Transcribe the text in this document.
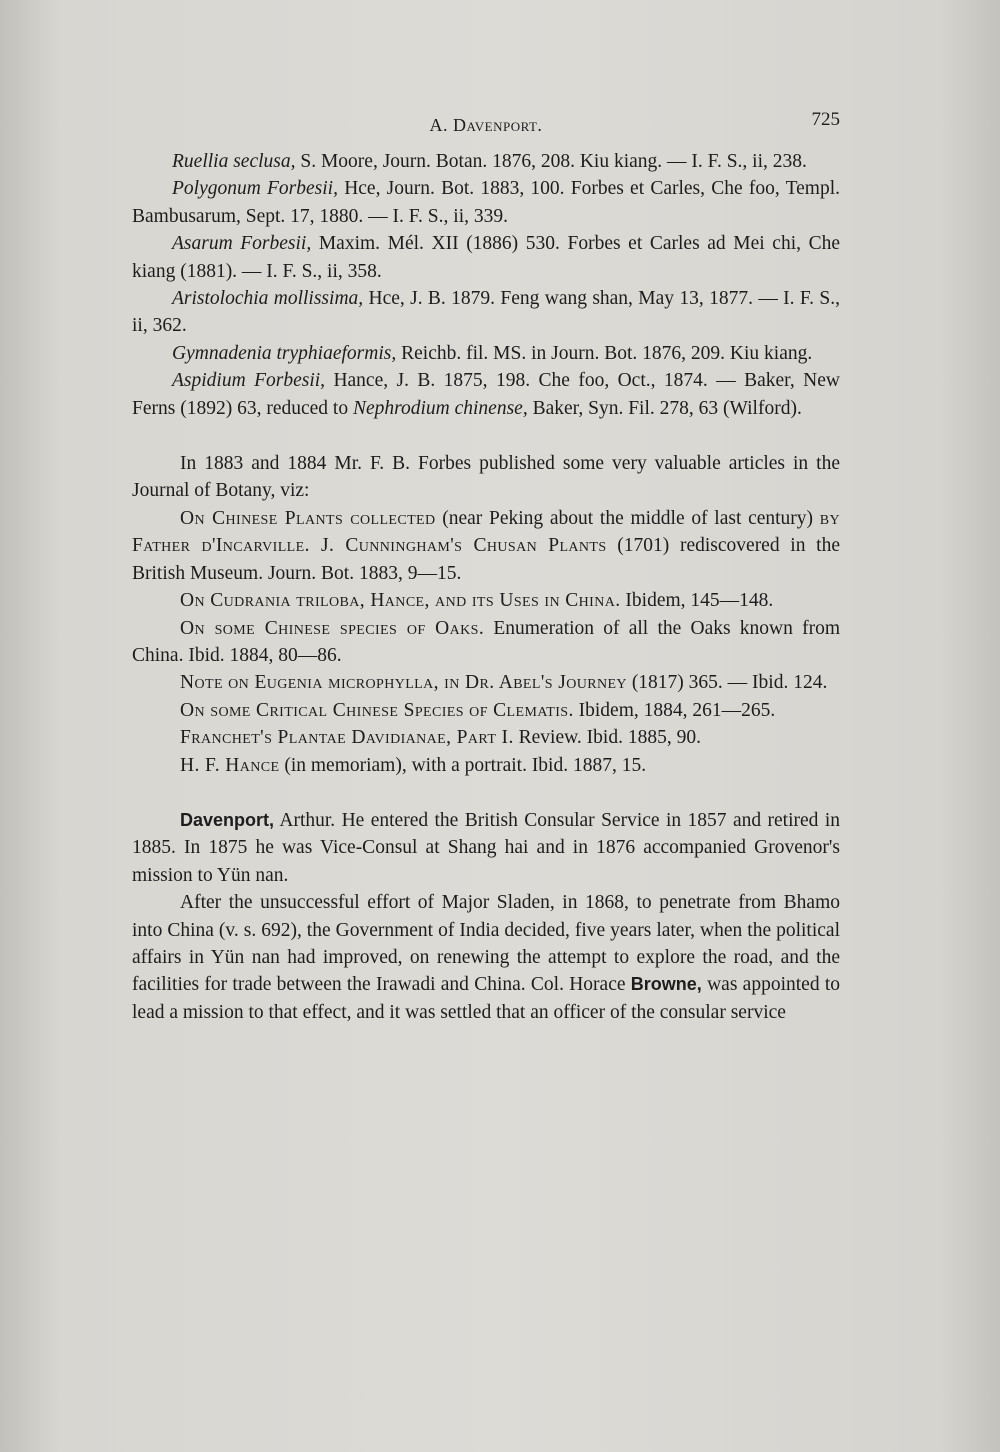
A. Davenport.	725

Ruellia seclusa, S. Moore, Journ. Botan. 1876, 208. Kiu kiang. — I. F. S., ii, 238.

Polygonum Forbesii, Hce, Journ. Bot. 1883, 100. Forbes et Carles, Che foo, Templ. Bambusarum, Sept. 17, 1880. — I. F. S., ii, 339.

Asarum Forbesii, Maxim. Mél. XII (1886) 530. Forbes et Carles ad Mei chi, Che kiang (1881). — I. F. S., ii, 358.

Aristolochia mollissima, Hce, J. B. 1879. Feng wang shan, May 13, 1877. — I. F. S., ii, 362.

Gymnadenia tryphiaeformis, Reichb. fil. MS. in Journ. Bot. 1876, 209. Kiu kiang.

Aspidium Forbesii, Hance, J. B. 1875, 198. Che foo, Oct., 1874. — Baker, New Ferns (1892) 63, reduced to Nephrodium chinense, Baker, Syn. Fil. 278, 63 (Wilford).

In 1883 and 1884 Mr. F. B. Forbes published some very valuable articles in the Journal of Botany, viz:

On Chinese Plants collected (near Peking about the middle of last century) by Father d'Incarville. J. Cunningham's Chusan Plants (1701) rediscovered in the British Museum. Journ. Bot. 1883, 9—15.

On Cudrania triloba, Hance, and its Uses in China. Ibidem, 145—148.

On some Chinese species of Oaks. Enumeration of all the Oaks known from China. Ibid. 1884, 80—86.

Note on Eugenia microphylla, in Dr. Abel's Journey (1817) 365. — Ibid. 124.

On some Critical Chinese Species of Clematis. Ibidem, 1884, 261—265.

Franchet's Plantae Davidianae, Part I. Review. Ibid. 1885, 90.

H. F. Hance (in memoriam), with a portrait. Ibid. 1887, 15.

Davenport, Arthur. He entered the British Consular Service in 1857 and retired in 1885. In 1875 he was Vice-Consul at Shang hai and in 1876 accompanied Grovenor's mission to Yün nan.

After the unsuccessful effort of Major Sladen, in 1868, to penetrate from Bhamo into China (v. s. 692), the Government of India decided, five years later, when the political affairs in Yün nan had improved, on renewing the attempt to explore the road, and the facilities for trade between the Irawadi and China. Col. Horace Browne, was appointed to lead a mission to that effect, and it was settled that an officer of the consular service
